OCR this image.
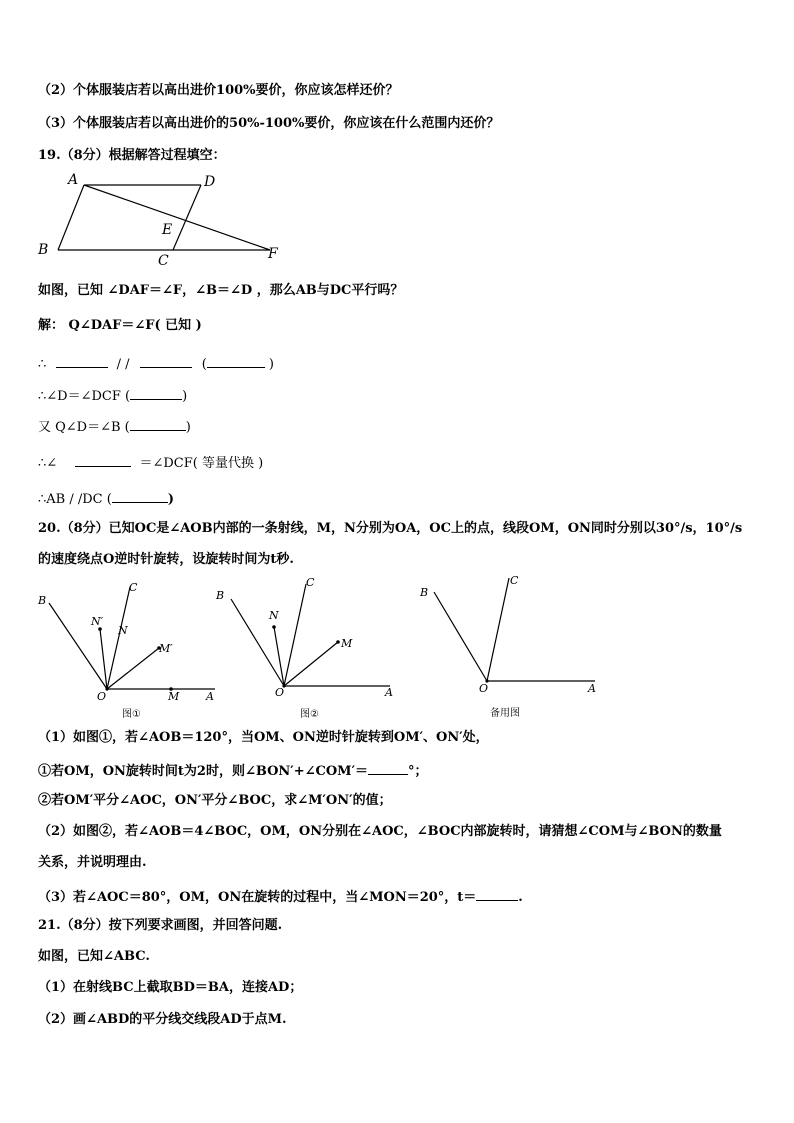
（2）个体服装店若以高出进价100%要价，你应该怎样还价？
（3）个体服装店若以高出进价的50%-100%要价，你应该在什么范围内还价？
19.（8分）根据解答过程填空：
A	D
B
C
E
F
如图，已知 ∠DAF＝∠F，∠B＝∠D ，那么AB与DC平行吗？
解： Q∠DAF＝∠F( 已知 )
∴	/ /	(	)
∴∠D＝∠DCF (	)
又 Q∠D＝∠B (	)
∴∠	＝∠DCF( 等量代换 )
∴AB / /DC (	)
20.（8分）已知OC是∠AOB内部的一条射线，M，N分别为OA，OC上的点，线段OM，ON同时分别以30°/s，10°/s
的速度绕点O逆时针旋转，设旋转时间为t秒.
B
C
N′
N
M′
O	M A
图①
B
C
N
M
O	A
图②
B
C
O	A
备用图
（1）如图①，若∠AOB＝120°，当OM、ON逆时针旋转到OM′、ON′处，
①若OM，ON旋转时间t为2时，则∠BON′+∠COM′＝	°；
②若OM′平分∠AOC，ON′平分∠BOC，求∠M′ON′的值；
（2）如图②，若∠AOB＝4∠BOC，OM，ON分别在∠AOC，∠BOC内部旋转时，请猜想∠COM与∠BON的数量
关系，并说明理由.
（3）若∠AOC＝80°，OM，ON在旋转的过程中，当∠MON＝20°，t＝	.
21.（8分）按下列要求画图，并回答问题.
如图，已知∠ABC.
（1）在射线BC上截取BD＝BA，连接AD；
（2）画∠ABD的平分线交线段AD于点M.
